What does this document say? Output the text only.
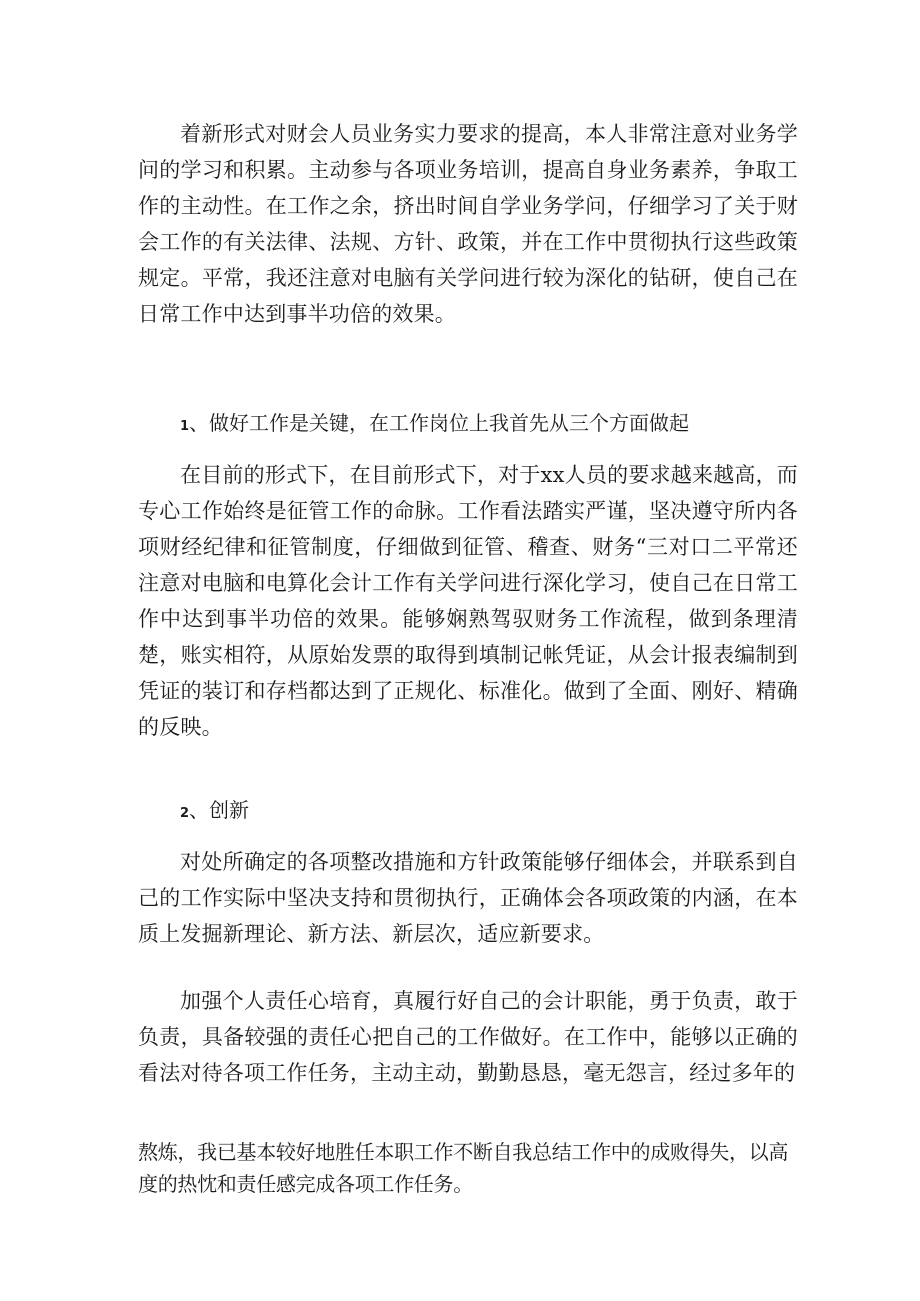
着新形式对财会人员业务实力要求的提高，本人非常注意对业务学问的学习和积累。主动参与各项业务培训，提高自身业务素养，争取工作的主动性。在工作之余，挤出时间自学业务学问，仔细学习了关于财会工作的有关法律、法规、方针、政策，并在工作中贯彻执行这些政策规定。平常，我还注意对电脑有关学问进行较为深化的钻研，使自己在日常工作中达到事半功倍的效果。

1、做好工作是关键，在工作岗位上我首先从三个方面做起

在目前的形式下，在目前形式下，对于xx人员的要求越来越高，而专心工作始终是征管工作的命脉。工作看法踏实严谨，坚决遵守所内各项财经纪律和征管制度，仔细做到征管、稽查、财务“三对口二平常还注意对电脑和电算化会计工作有关学问进行深化学习，使自己在日常工作中达到事半功倍的效果。能够娴熟驾驭财务工作流程，做到条理清楚，账实相符，从原始发票的取得到填制记帐凭证，从会计报表编制到凭证的装订和存档都达到了正规化、标准化。做到了全面、刚好、精确的反映。

2、创新

对处所确定的各项整改措施和方针政策能够仔细体会，并联系到自己的工作实际中坚决支持和贯彻执行，正确体会各项政策的内涵，在本质上发掘新理论、新方法、新层次，适应新要求。

加强个人责任心培育，真履行好自己的会计职能，勇于负责，敢于负责，具备较强的责任心把自己的工作做好。在工作中，能够以正确的看法对待各项工作任务，主动主动，勤勤恳恳，毫无怨言，经过多年的

熬炼，我已基本较好地胜任本职工作不断自我总结工作中的成败得失，以高度的热忱和责任感完成各项工作任务。
